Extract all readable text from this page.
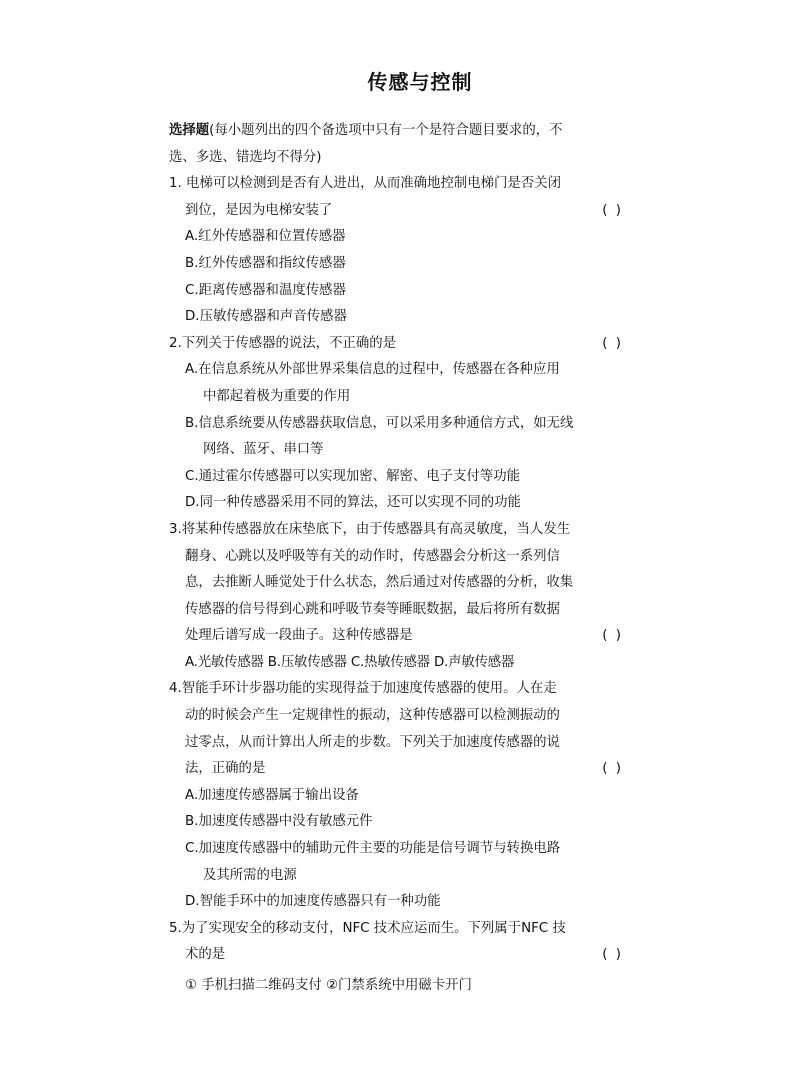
传感与控制
选择题(每小题列出的四个备选项中只有一个是符合题目要求的，不
选、多选、错选均不得分)
1. 电梯可以检测到是否有人进出，从而准确地控制电梯门是否关闭
到位，是因为电梯安装了	( )
A.红外传感器和位置传感器
B.红外传感器和指纹传感器
C.距离传感器和温度传感器
D.压敏传感器和声音传感器
2.下列关于传感器的说法，不正确的是	( )
A.在信息系统从外部世界采集信息的过程中，传感器在各种应用
中都起着极为重要的作用
B.信息系统要从传感器获取信息，可以采用多种通信方式，如无线
网络、蓝牙、串口等
C.通过霍尔传感器可以实现加密、解密、电子支付等功能
D.同一种传感器采用不同的算法，还可以实现不同的功能
3.将某种传感器放在床垫底下，由于传感器具有高灵敏度，当人发生
翻身、心跳以及呼吸等有关的动作时，传感器会分析这一系列信
息，去推断人睡觉处于什么状态，然后通过对传感器的分析，收集
传感器的信号得到心跳和呼吸节奏等睡眠数据，最后将所有数据
处理后谱写成一段曲子。这种传感器是	( )
A.光敏传感器 B.压敏传感器 C.热敏传感器 D.声敏传感器
4.智能手环计步器功能的实现得益于加速度传感器的使用。人在走
动的时候会产生一定规律性的振动，这种传感器可以检测振动的
过零点，从而计算出人所走的步数。下列关于加速度传感器的说
法，正确的是	( )
A.加速度传感器属于输出设备
B.加速度传感器中没有敏感元件
C.加速度传感器中的辅助元件主要的功能是信号调节与转换电路
及其所需的电源
D.智能手环中的加速度传感器只有一种功能
5.为了实现安全的移动支付，NFC 技术应运而生。下列属于NFC 技
术的是	( )
① 手机扫描二维码支付 ②门禁系统中用磁卡开门
